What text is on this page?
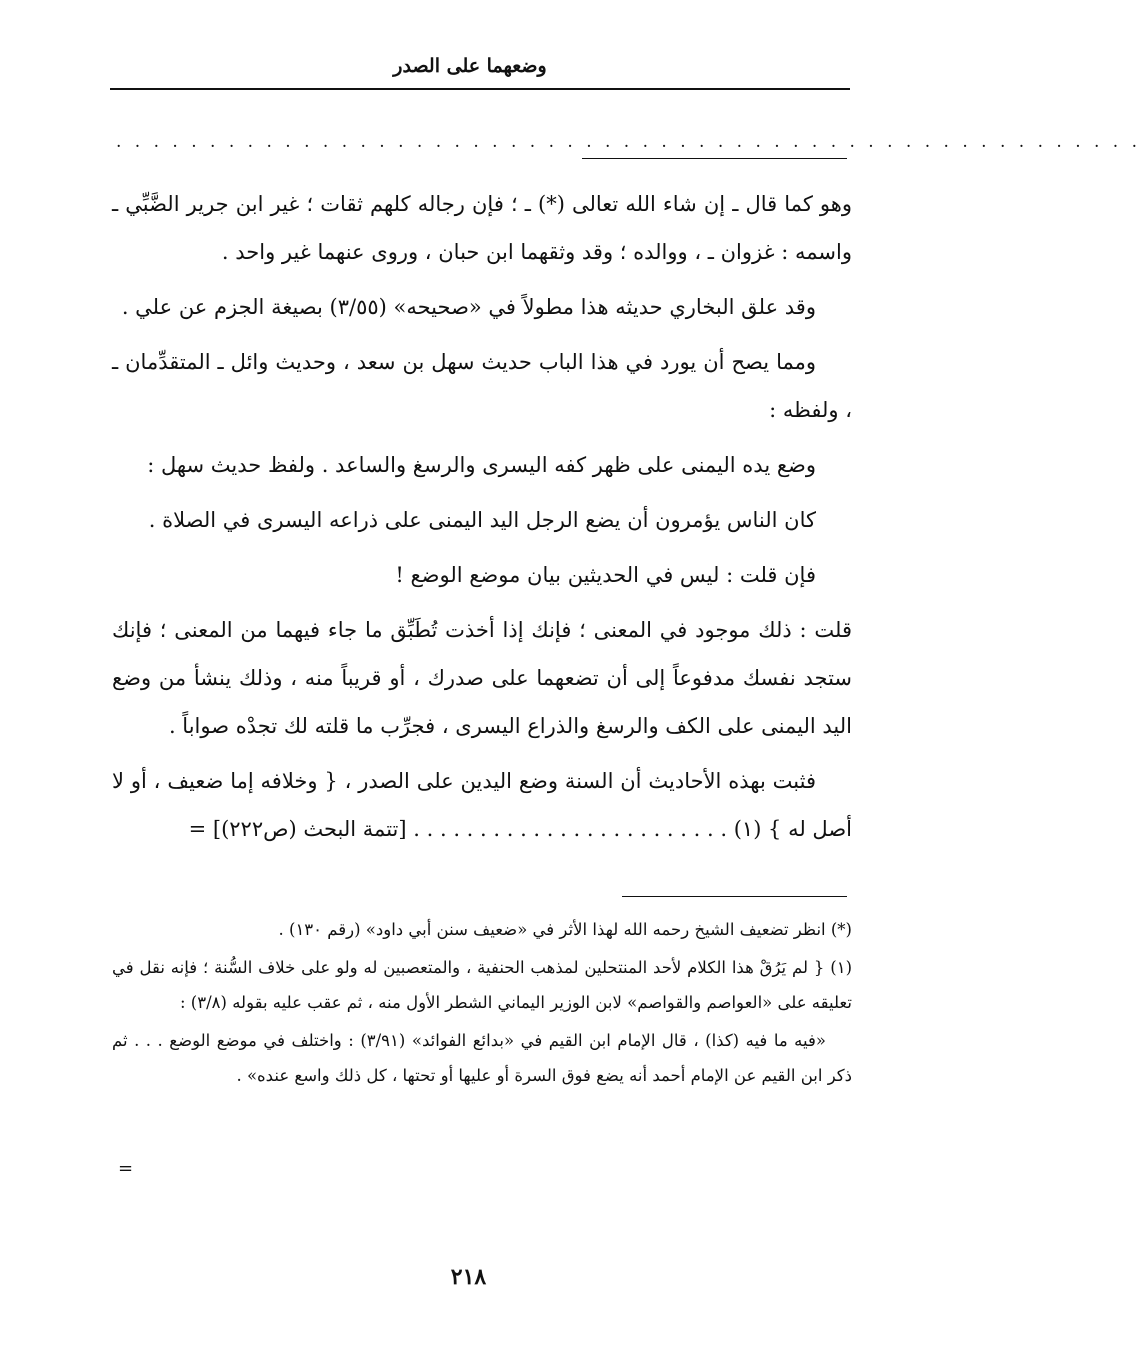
وضعهما على الصدر
. . . . . . . . . . . . . . . . . . . . . . . . . . . . . . . . . . . . . . . . . . . . . . . . . . . . . . .

وهو كما قال ـ إن شاء الله تعالى (*) ـ ؛ فإن رجاله كلهم ثقات ؛ غير ابن جرير الضَّبِّي ـ واسمه : غزوان ـ ، ووالده ؛ وقد وثقهما ابن حبان ، وروى عنهما غير واحد .

وقد علق البخاري حديثه هذا مطولاً في «صحيحه» (٣/٥٥) بصيغة الجزم عن علي .

ومما يصح أن يورد في هذا الباب حديث سهل بن سعد ، وحديث وائل ـ المتقدِّمان ـ ، ولفظه :

وضع يده اليمنى على ظهر كفه اليسرى والرسغ والساعد . ولفظ حديث سهل :

كان الناس يؤمرون أن يضع الرجل اليد اليمنى على ذراعه اليسرى في الصلاة .

فإن قلت : ليس في الحديثين بيان موضع الوضع !

قلت : ذلك موجود في المعنى ؛ فإنك إذا أخذت تُطَبِّق ما جاء فيهما من المعنى ؛ فإنك ستجد نفسك مدفوعاً إلى أن تضعهما على صدرك ، أو قريباً منه ، وذلك ينشأ من وضع اليد اليمنى على الكف والرسغ والذراع اليسرى ، فجرِّب ما قلته لك تجدْه صواباً .

فثبت بهذه الأحاديث أن السنة وضع اليدين على الصدر ، { وخلافه إما ضعيف ، أو لا أصل له } (١) . . . . . . . . . . . . . . . . . . . . . . . . [تتمة البحث (ص٢٢٢)] =

(*) انظر تضعيف الشيخ رحمه الله لهذا الأثر في «ضعيف سنن أبي داود» (رقم ١٣٠) .

(١) { لم يَرُقْ هذا الكلام لأحد المنتحلين لمذهب الحنفية ، والمتعصبين له ولو على خلاف السُّنة ؛ فإنه نقل في تعليقه على «العواصم والقواصم» لابن الوزير اليماني الشطر الأول منه ، ثم عقب عليه بقوله (٣/٨) :

«فيه ما فيه (كذا) ، قال الإمام ابن القيم في «بدائع الفوائد» (٣/٩١) : واختلف في موضع الوضع . . . ثم ذكر ابن القيم عن الإمام أحمد أنه يضع فوق السرة أو عليها أو تحتها ، كل ذلك واسع عنده» .

=
٢١٨
